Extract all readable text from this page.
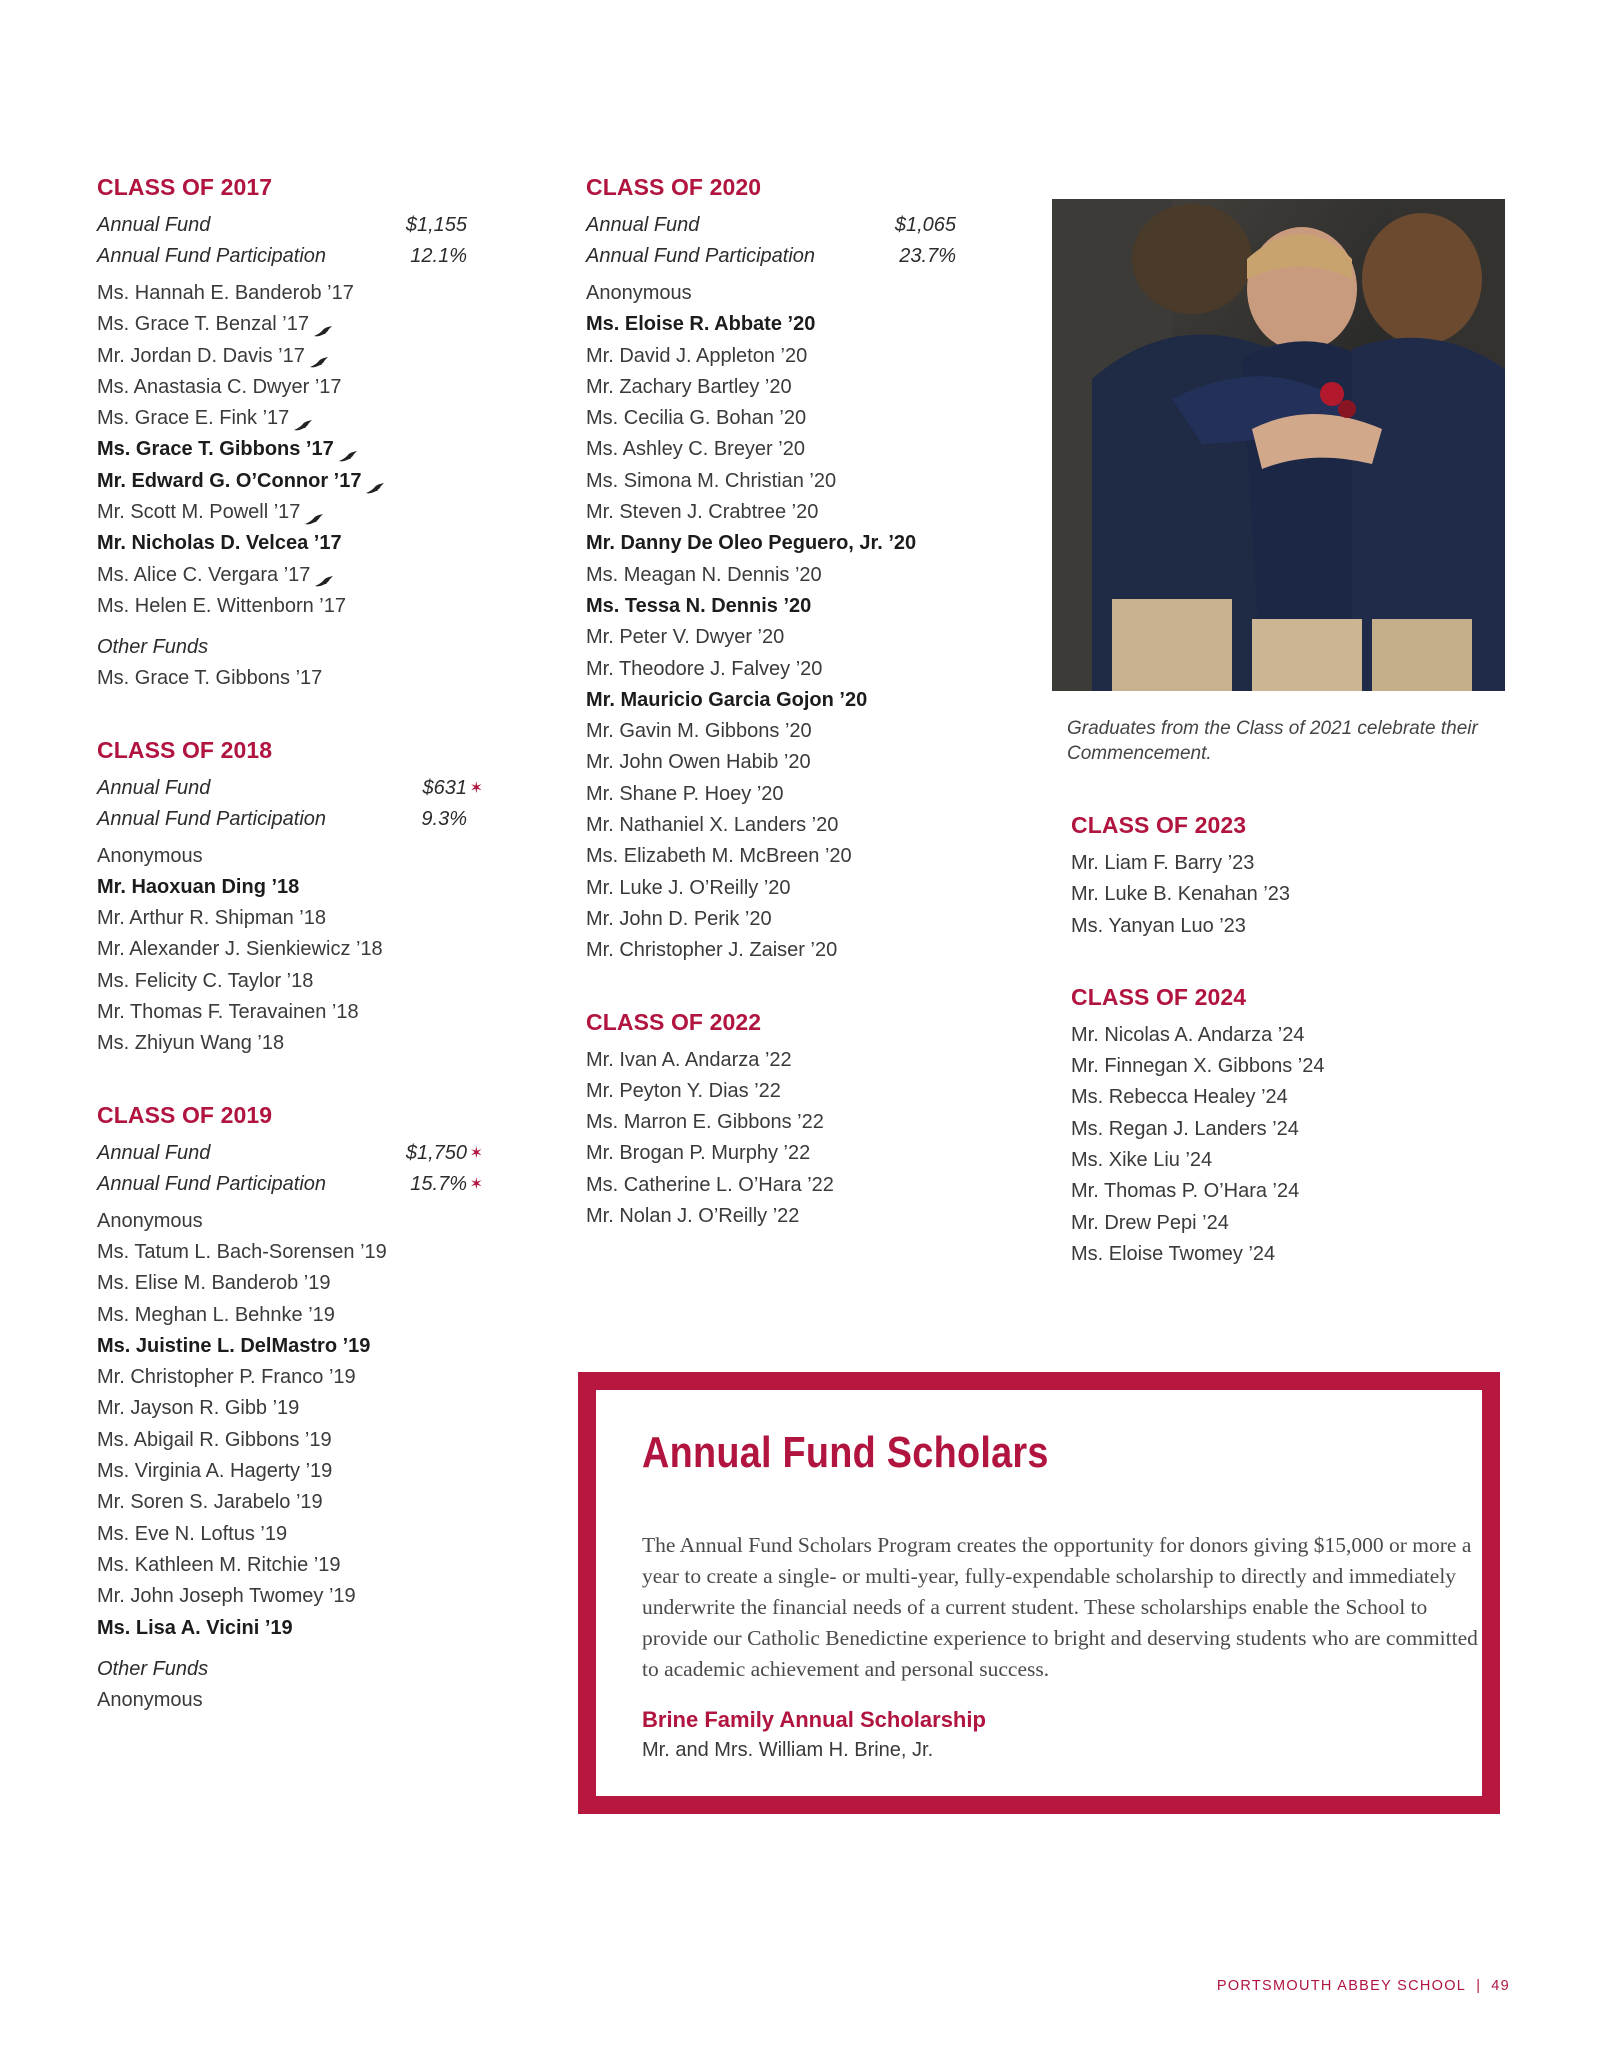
CLASS OF 2017
Annual Fund	$1,155
Annual Fund Participation	12.1%
Ms. Hannah E. Banderob ’17
Ms. Grace T. Benzal ’17
Mr. Jordan D. Davis ’17
Ms. Anastasia C. Dwyer ’17
Ms. Grace E. Fink ’17
Ms. Grace T. Gibbons ’17
Mr. Edward G. O’Connor ’17
Mr. Scott M. Powell ’17
Mr. Nicholas D. Velcea ’17
Ms. Alice C. Vergara ’17
Ms. Helen E. Wittenborn ’17
Other Funds
Ms. Grace T. Gibbons ’17
CLASS OF 2018
Annual Fund	$631 ✶
Annual Fund Participation	9.3%
Anonymous
Mr. Haoxuan Ding ’18
Mr. Arthur R. Shipman ’18
Mr. Alexander J. Sienkiewicz ’18
Ms. Felicity C. Taylor ’18
Mr. Thomas F. Teravainen ’18
Ms. Zhiyun Wang ’18
CLASS OF 2019
Annual Fund	$1,750 ✶
Annual Fund Participation	15.7% ✶
Anonymous
Ms. Tatum L. Bach-Sorensen ’19
Ms. Elise M. Banderob ’19
Ms. Meghan L. Behnke ’19
Ms. Juistine L. DelMastro ’19
Mr. Christopher P. Franco ’19
Mr. Jayson R. Gibb ’19
Ms. Abigail R. Gibbons ’19
Ms. Virginia A. Hagerty ’19
Mr. Soren S. Jarabelo ’19
Ms. Eve N. Loftus ’19
Ms. Kathleen M. Ritchie ’19
Mr. John Joseph Twomey ’19
Ms. Lisa A. Vicini ’19
Other Funds
Anonymous
CLASS OF 2020
Annual Fund	$1,065
Annual Fund Participation	23.7%
Anonymous
Ms. Eloise R. Abbate ’20
Mr. David J. Appleton ’20
Mr. Zachary Bartley ’20
Ms. Cecilia G. Bohan ’20
Ms. Ashley C. Breyer ’20
Ms. Simona M. Christian ’20
Mr. Steven J. Crabtree ’20
Mr. Danny De Oleo Peguero, Jr. ’20
Ms. Meagan N. Dennis ’20
Ms. Tessa N. Dennis ’20
Mr. Peter V. Dwyer ’20
Mr. Theodore J. Falvey ’20
Mr. Mauricio Garcia Gojon ’20
Mr. Gavin M. Gibbons ’20
Mr. John Owen Habib ’20
Mr. Shane P. Hoey ’20
Mr. Nathaniel X. Landers ’20
Ms. Elizabeth M. McBreen ’20
Mr. Luke J. O’Reilly ’20
Mr. John D. Perik ’20
Mr. Christopher J. Zaiser ’20
CLASS OF 2022
Mr. Ivan A. Andarza ’22
Mr. Peyton Y. Dias ’22
Ms. Marron E. Gibbons ’22
Mr. Brogan P. Murphy ’22
Ms. Catherine L. O’Hara ’22
Mr. Nolan J. O’Reilly ’22
Graduates from the Class of 2021 celebrate their Commencement.
CLASS OF 2023
Mr. Liam F. Barry ’23
Mr. Luke B. Kenahan ’23
Ms. Yanyan Luo ’23
CLASS OF 2024
Mr. Nicolas A. Andarza ’24
Mr. Finnegan X. Gibbons ’24
Ms. Rebecca Healey ’24
Ms. Regan J. Landers ’24
Ms. Xike Liu ’24
Mr. Thomas P. O’Hara ’24
Mr. Drew Pepi ’24
Ms. Eloise Twomey ’24
Annual Fund Scholars

The Annual Fund Scholars Program creates the opportunity for donors giving $15,000 or more a year to create a single- or multi-year, fully-expendable scholarship to directly and immediately underwrite the financial needs of a current student. These scholarships enable the School to provide our Catholic Benedictine experience to bright and deserving students who are committed to academic achievement and personal success.

Brine Family Annual Scholarship
Mr. and Mrs. William H. Brine, Jr.
PORTSMOUTH ABBEY SCHOOL | 49
